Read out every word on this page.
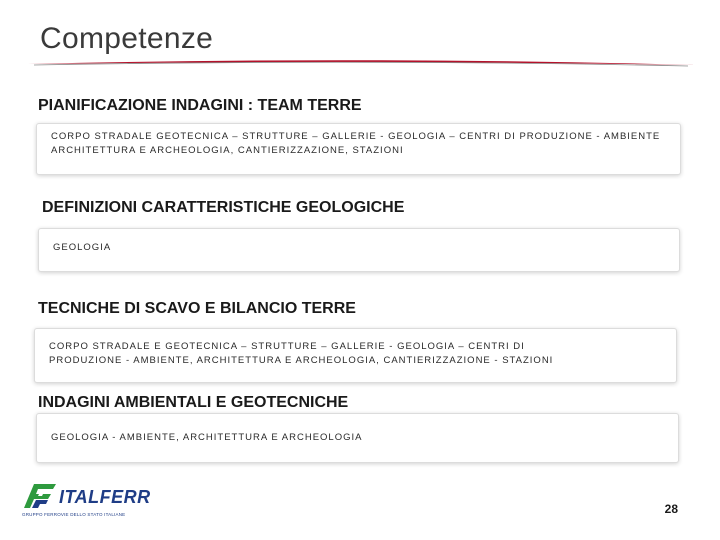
Competenze
PIANIFICAZIONE INDAGINI : TEAM TERRE
CORPO STRADALE GEOTECNICA – STRUTTURE – GALLERIE - GEOLOGIA – CENTRI DI PRODUZIONE - AMBIENTE ARCHITETTURA E ARCHEOLOGIA, CANTIERIZZAZIONE, STAZIONI
DEFINIZIONI CARATTERISTICHE GEOLOGICHE
GEOLOGIA
TECNICHE DI SCAVO E BILANCIO TERRE
CORPO STRADALE E GEOTECNICA – STRUTTURE – GALLERIE - GEOLOGIA – CENTRI DI PRODUZIONE - AMBIENTE, ARCHITETTURA E ARCHEOLOGIA, CANTIERIZZAZIONE - STAZIONI
INDAGINI AMBIENTALI E GEOTECNICHE
GEOLOGIA - AMBIENTE, ARCHITETTURA E ARCHEOLOGIA
ITALFERR
GRUPPO FERROVIE DELLO STATO ITALIANE	28
